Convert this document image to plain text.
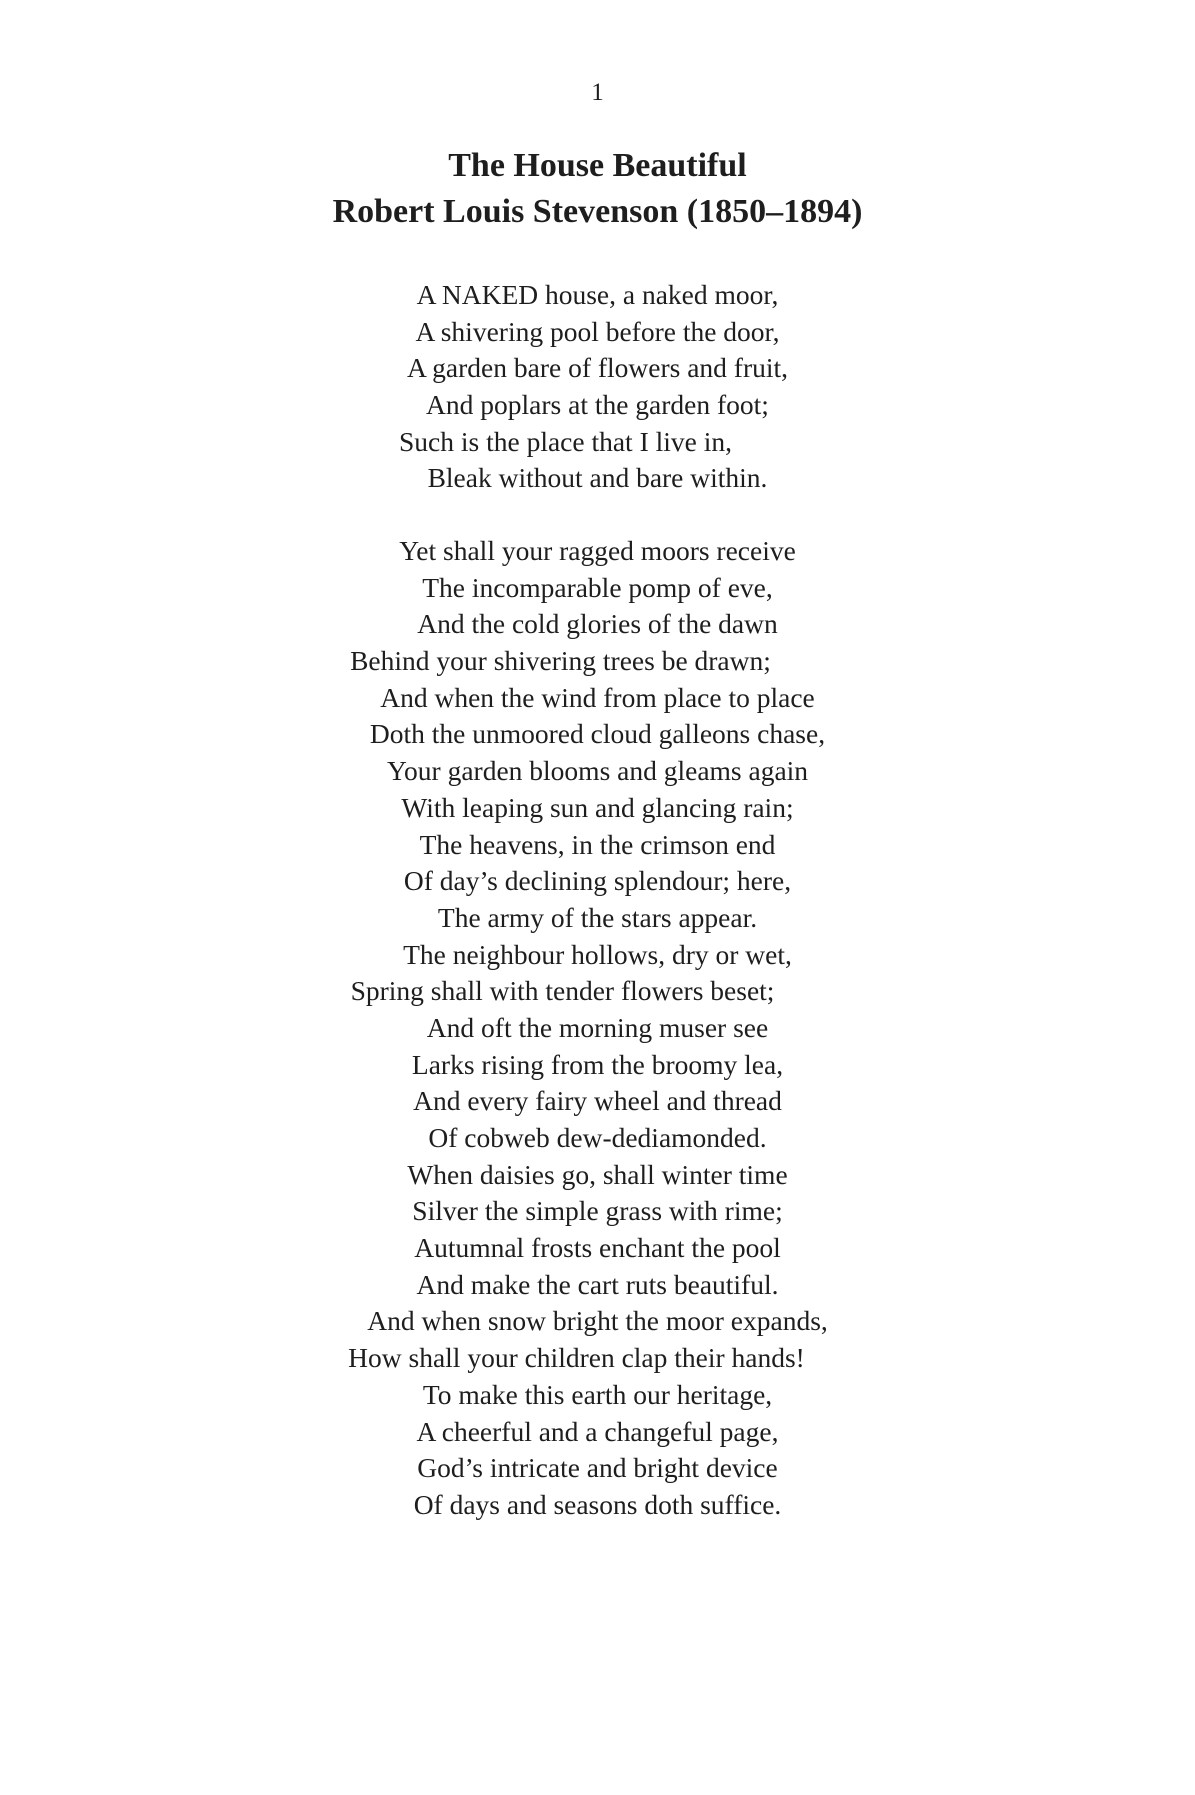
1
The House Beautiful
Robert Louis Stevenson (1850–1894)
A NAKED house, a naked moor,
A shivering pool before the door,
A garden bare of flowers and fruit,
And poplars at the garden foot;
Such is the place that I live in,
Bleak without and bare within.
Yet shall your ragged moors receive
The incomparable pomp of eve,
And the cold glories of the dawn
Behind your shivering trees be drawn;
And when the wind from place to place
Doth the unmoored cloud galleons chase,
Your garden blooms and gleams again
With leaping sun and glancing rain;
The heavens, in the crimson end
Of day’s declining splendour; here,
The army of the stars appear.
The neighbour hollows, dry or wet,
Spring shall with tender flowers beset;
And oft the morning muser see
Larks rising from the broomy lea,
And every fairy wheel and thread
Of cobweb dew-dediamonded.
When daisies go, shall winter time
Silver the simple grass with rime;
Autumnal frosts enchant the pool
And make the cart ruts beautiful.
And when snow bright the moor expands,
How shall your children clap their hands!
To make this earth our heritage,
A cheerful and a changeful page,
God’s intricate and bright device
Of days and seasons doth suffice.
